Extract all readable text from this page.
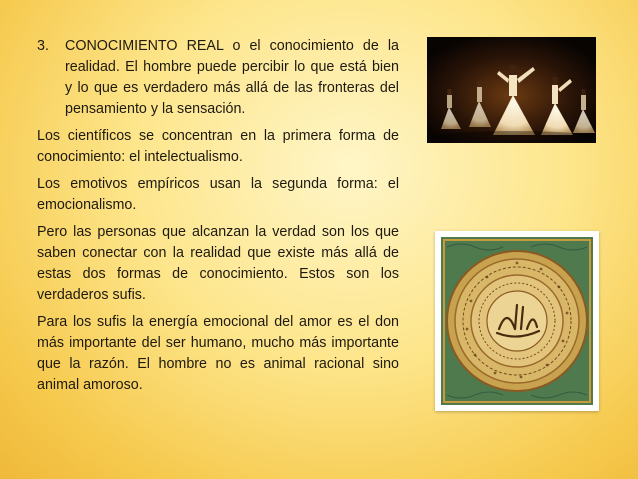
3.	CONOCIMIENTO REAL o el conocimiento de la realidad. El hombre puede percibir lo que está bien y lo que es verdadero más allá de las fronteras del pensamiento y la sensación.

Los científicos se concentran en la primera forma de conocimiento: el intelectualismo.

Los emotivos empíricos usan la segunda forma: el emocionalismo.

Pero las personas que alcanzan la verdad son los que saben conectar con la realidad que existe más allá de estas dos formas de conocimiento. Estos son los verdaderos sufis.

Para los sufis la energía emocional del amor es el don más importante del ser humano, mucho más importante que la razón. El hombre no es animal racional sino animal amoroso.
